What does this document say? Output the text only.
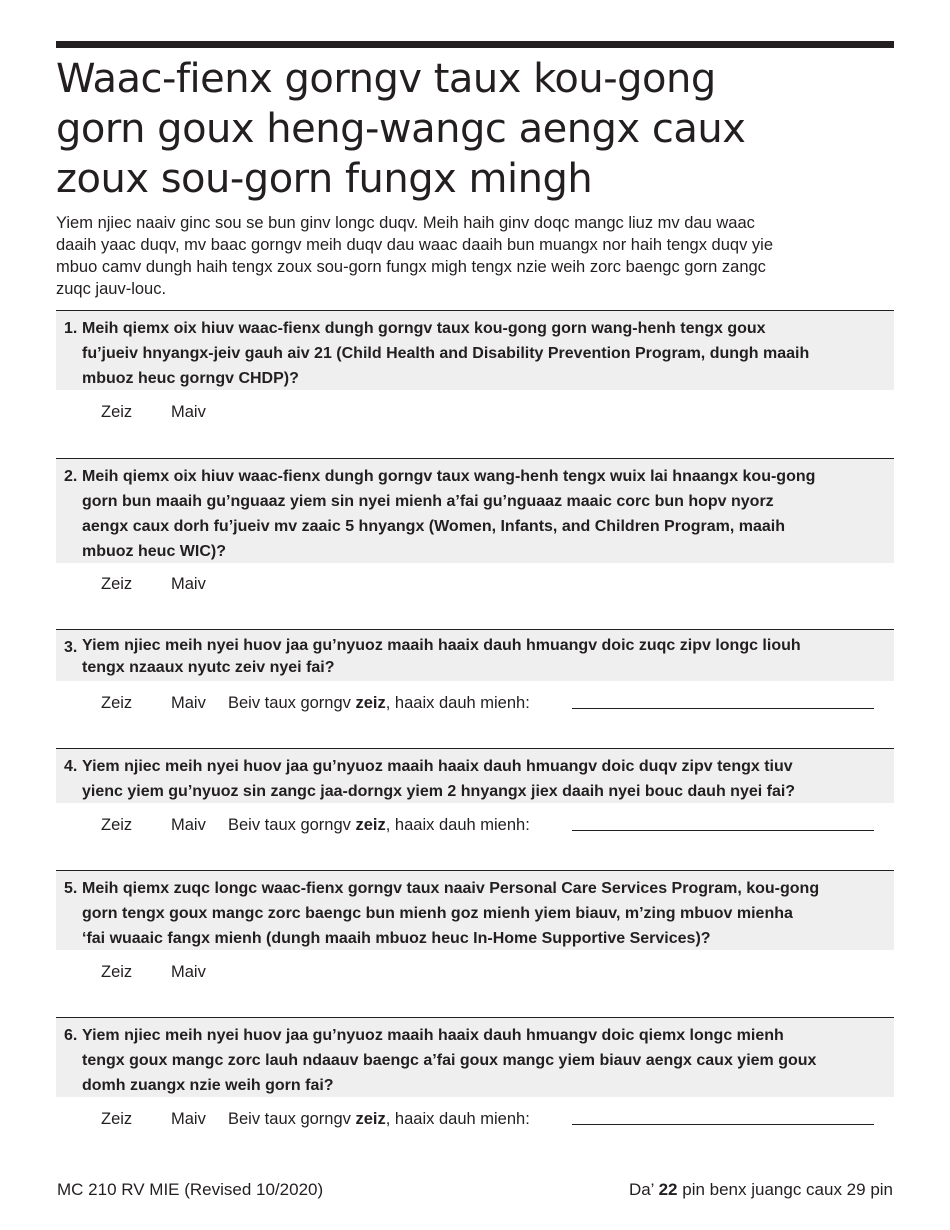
Waac-fienx gorngv taux kou-gong
gorn goux heng-wangc aengx caux
zoux sou-gorn fungx mingh
Yiem njiec naaiv ginc sou se bun ginv longc duqv. Meih haih ginv doqc mangc liuz mv dau waac
daaih yaac duqv, mv baac gorngv meih duqv dau waac daaih bun muangx nor haih tengx duqv yie
mbuo camv dungh haih tengx zoux sou-gorn fungx migh tengx nzie weih zorc baengc gorn zangc
zuqc jauv-louc.
1. Meih qiemx oix hiuv waac-fienx dungh gorngv taux kou-gong gorn wang-henh tengx goux
fu’jueiv hnyangx-jeiv gauh aiv 21 (Child Health and Disability Prevention Program, dungh maaih
mbuoz heuc gorngv CHDP)?
Zeiz Maiv
2. Meih qiemx oix hiuv waac-fienx dungh gorngv taux wang-henh tengx wuix lai hnaangx kou-gong
gorn bun maaih gu’nguaaz yiem sin nyei mienh a’fai gu’nguaaz maaic corc bun hopv nyorz
aengx caux dorh fu’jueiv mv zaaic 5 hnyangx (Women, Infants, and Children Program, maaih
mbuoz heuc WIC)?
Zeiz Maiv
3. Yiem njiec meih nyei huov jaa gu’nyuoz maaih haaix dauh hmuangv doic zuqc zipv longc liouh
tengx nzaaux nyutc zeiv nyei fai?
Zeiz Maiv Beiv taux gorngv zeiz, haaix dauh mienh:
4. Yiem njiec meih nyei huov jaa gu’nyuoz maaih haaix dauh hmuangv doic duqv zipv tengx tiuv
yienc yiem gu’nyuoz sin zangc jaa-dorngx yiem 2 hnyangx jiex daaih nyei bouc dauh nyei fai?
Zeiz Maiv Beiv taux gorngv zeiz, haaix dauh mienh:
5. Meih qiemx zuqc longc waac-fienx gorngv taux naaiv Personal Care Services Program, kou-gong
gorn tengx goux mangc zorc baengc bun mienh goz mienh yiem biauv, m’zing mbuov mienha
‘fai wuaaic fangx mienh (dungh maaih mbuoz heuc In-Home Supportive Services)?
Zeiz Maiv
6. Yiem njiec meih nyei huov jaa gu’nyuoz maaih haaix dauh hmuangv doic qiemx longc mienh
tengx goux mangc zorc lauh ndaauv baengc a’fai goux mangc yiem biauv aengx caux yiem goux
domh zuangx nzie weih gorn fai?
Zeiz Maiv Beiv taux gorngv zeiz, haaix dauh mienh:
MC 210 RV MIE (Revised 10/2020)	Da’ 22 pin benx juangc caux 29 pin
